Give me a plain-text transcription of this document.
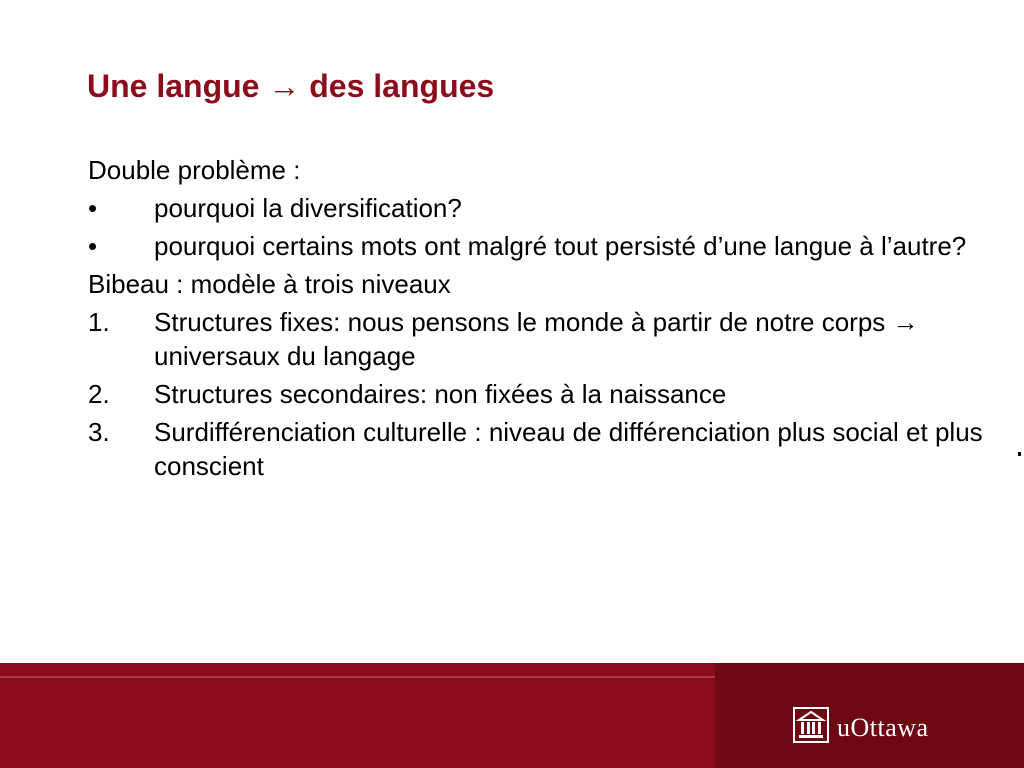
Une langue → des langues

Double problème :

•	pourquoi la diversification?
•	pourquoi certains mots ont malgré tout persisté d’une langue à l’autre?

Bibeau : modèle à trois niveaux

1.	Structures fixes: nous pensons le monde à partir de notre corps → universaux du langage
2.	Structures secondaires: non fixées à la naissance
3.	Surdifférenciation culturelle : niveau de différenciation plus social et plus conscient
uOttawa
